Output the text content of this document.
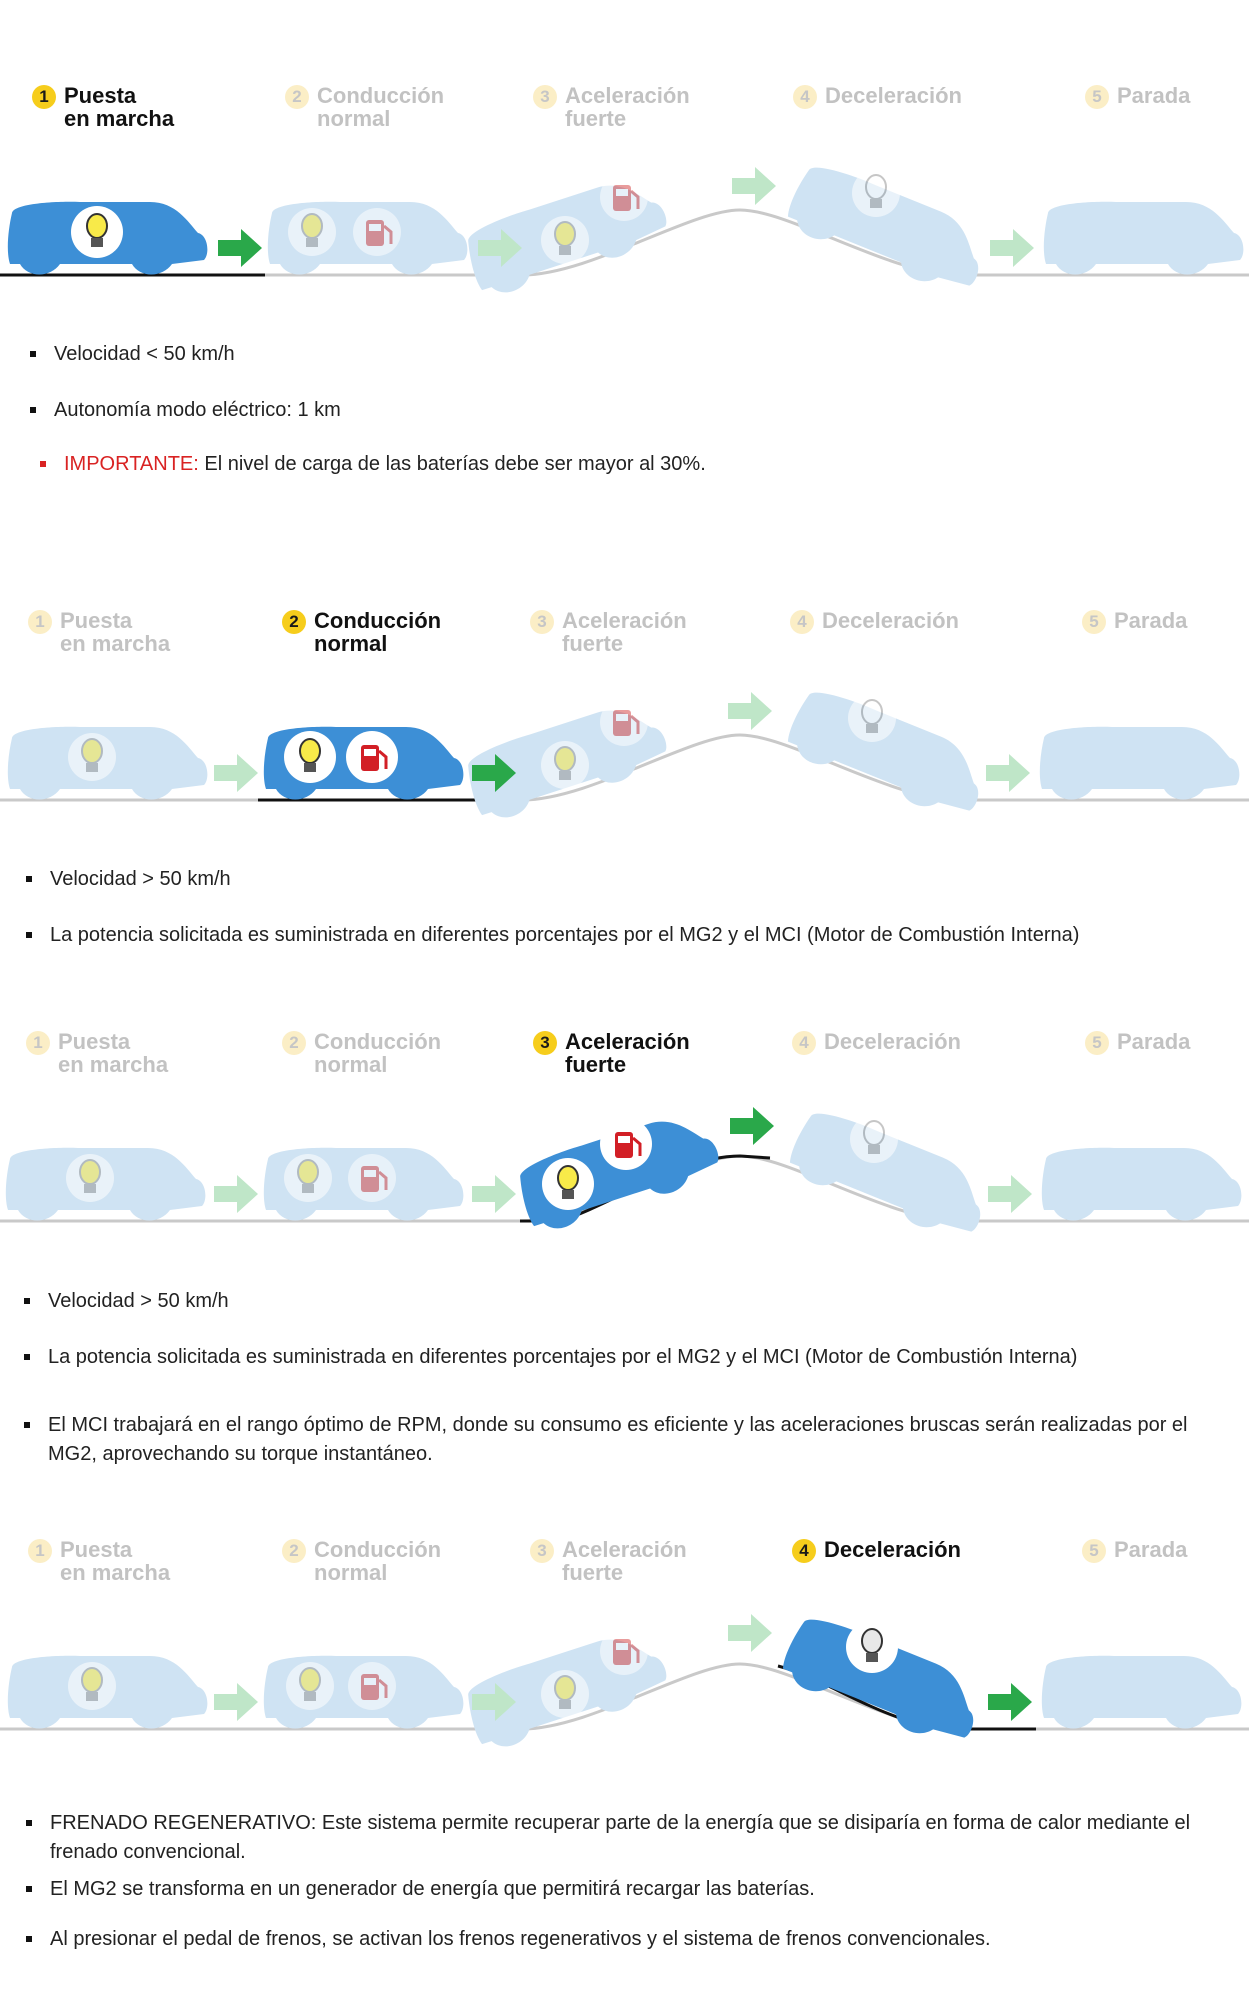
1 Puesta
en marcha
2 Conducción
normal
3 Aceleración
fuerte
4 Deceleración	5 Parada
Velocidad < 50 km/h
Autonomía modo eléctrico: 1 km
IMPORTANTE: El nivel de carga de las baterías debe ser mayor al 30%.
1 Puesta
en marcha
2 Conducción
normal
3 Aceleración
fuerte
4 Deceleración	5 Parada
Velocidad > 50 km/h
La potencia solicitada es suministrada en diferentes porcentajes por el MG2 y el MCI (Motor de Combustión Interna)
1 Puesta
en marcha
2 Conducción
normal
3 Aceleración
fuerte
4 Deceleración	5 Parada
Velocidad > 50 km/h
La potencia solicitada es suministrada en diferentes porcentajes por el MG2 y el MCI (Motor de Combustión Interna)
El MCI trabajará en el rango óptimo de RPM, donde su consumo es eficiente y las aceleraciones bruscas serán realizadas por el MG2, aprovechando su torque instantáneo.
1 Puesta
en marcha
2 Conducción
normal
3 Aceleración
fuerte
4 Deceleración	5 Parada
FRENADO REGENERATIVO: Este sistema permite recuperar parte de la energía que se disiparía en forma de calor mediante el frenado convencional.
El MG2 se transforma en un generador de energía que permitirá recargar las baterías.
Al presionar el pedal de frenos, se activan los frenos regenerativos y el sistema de frenos convencionales.
